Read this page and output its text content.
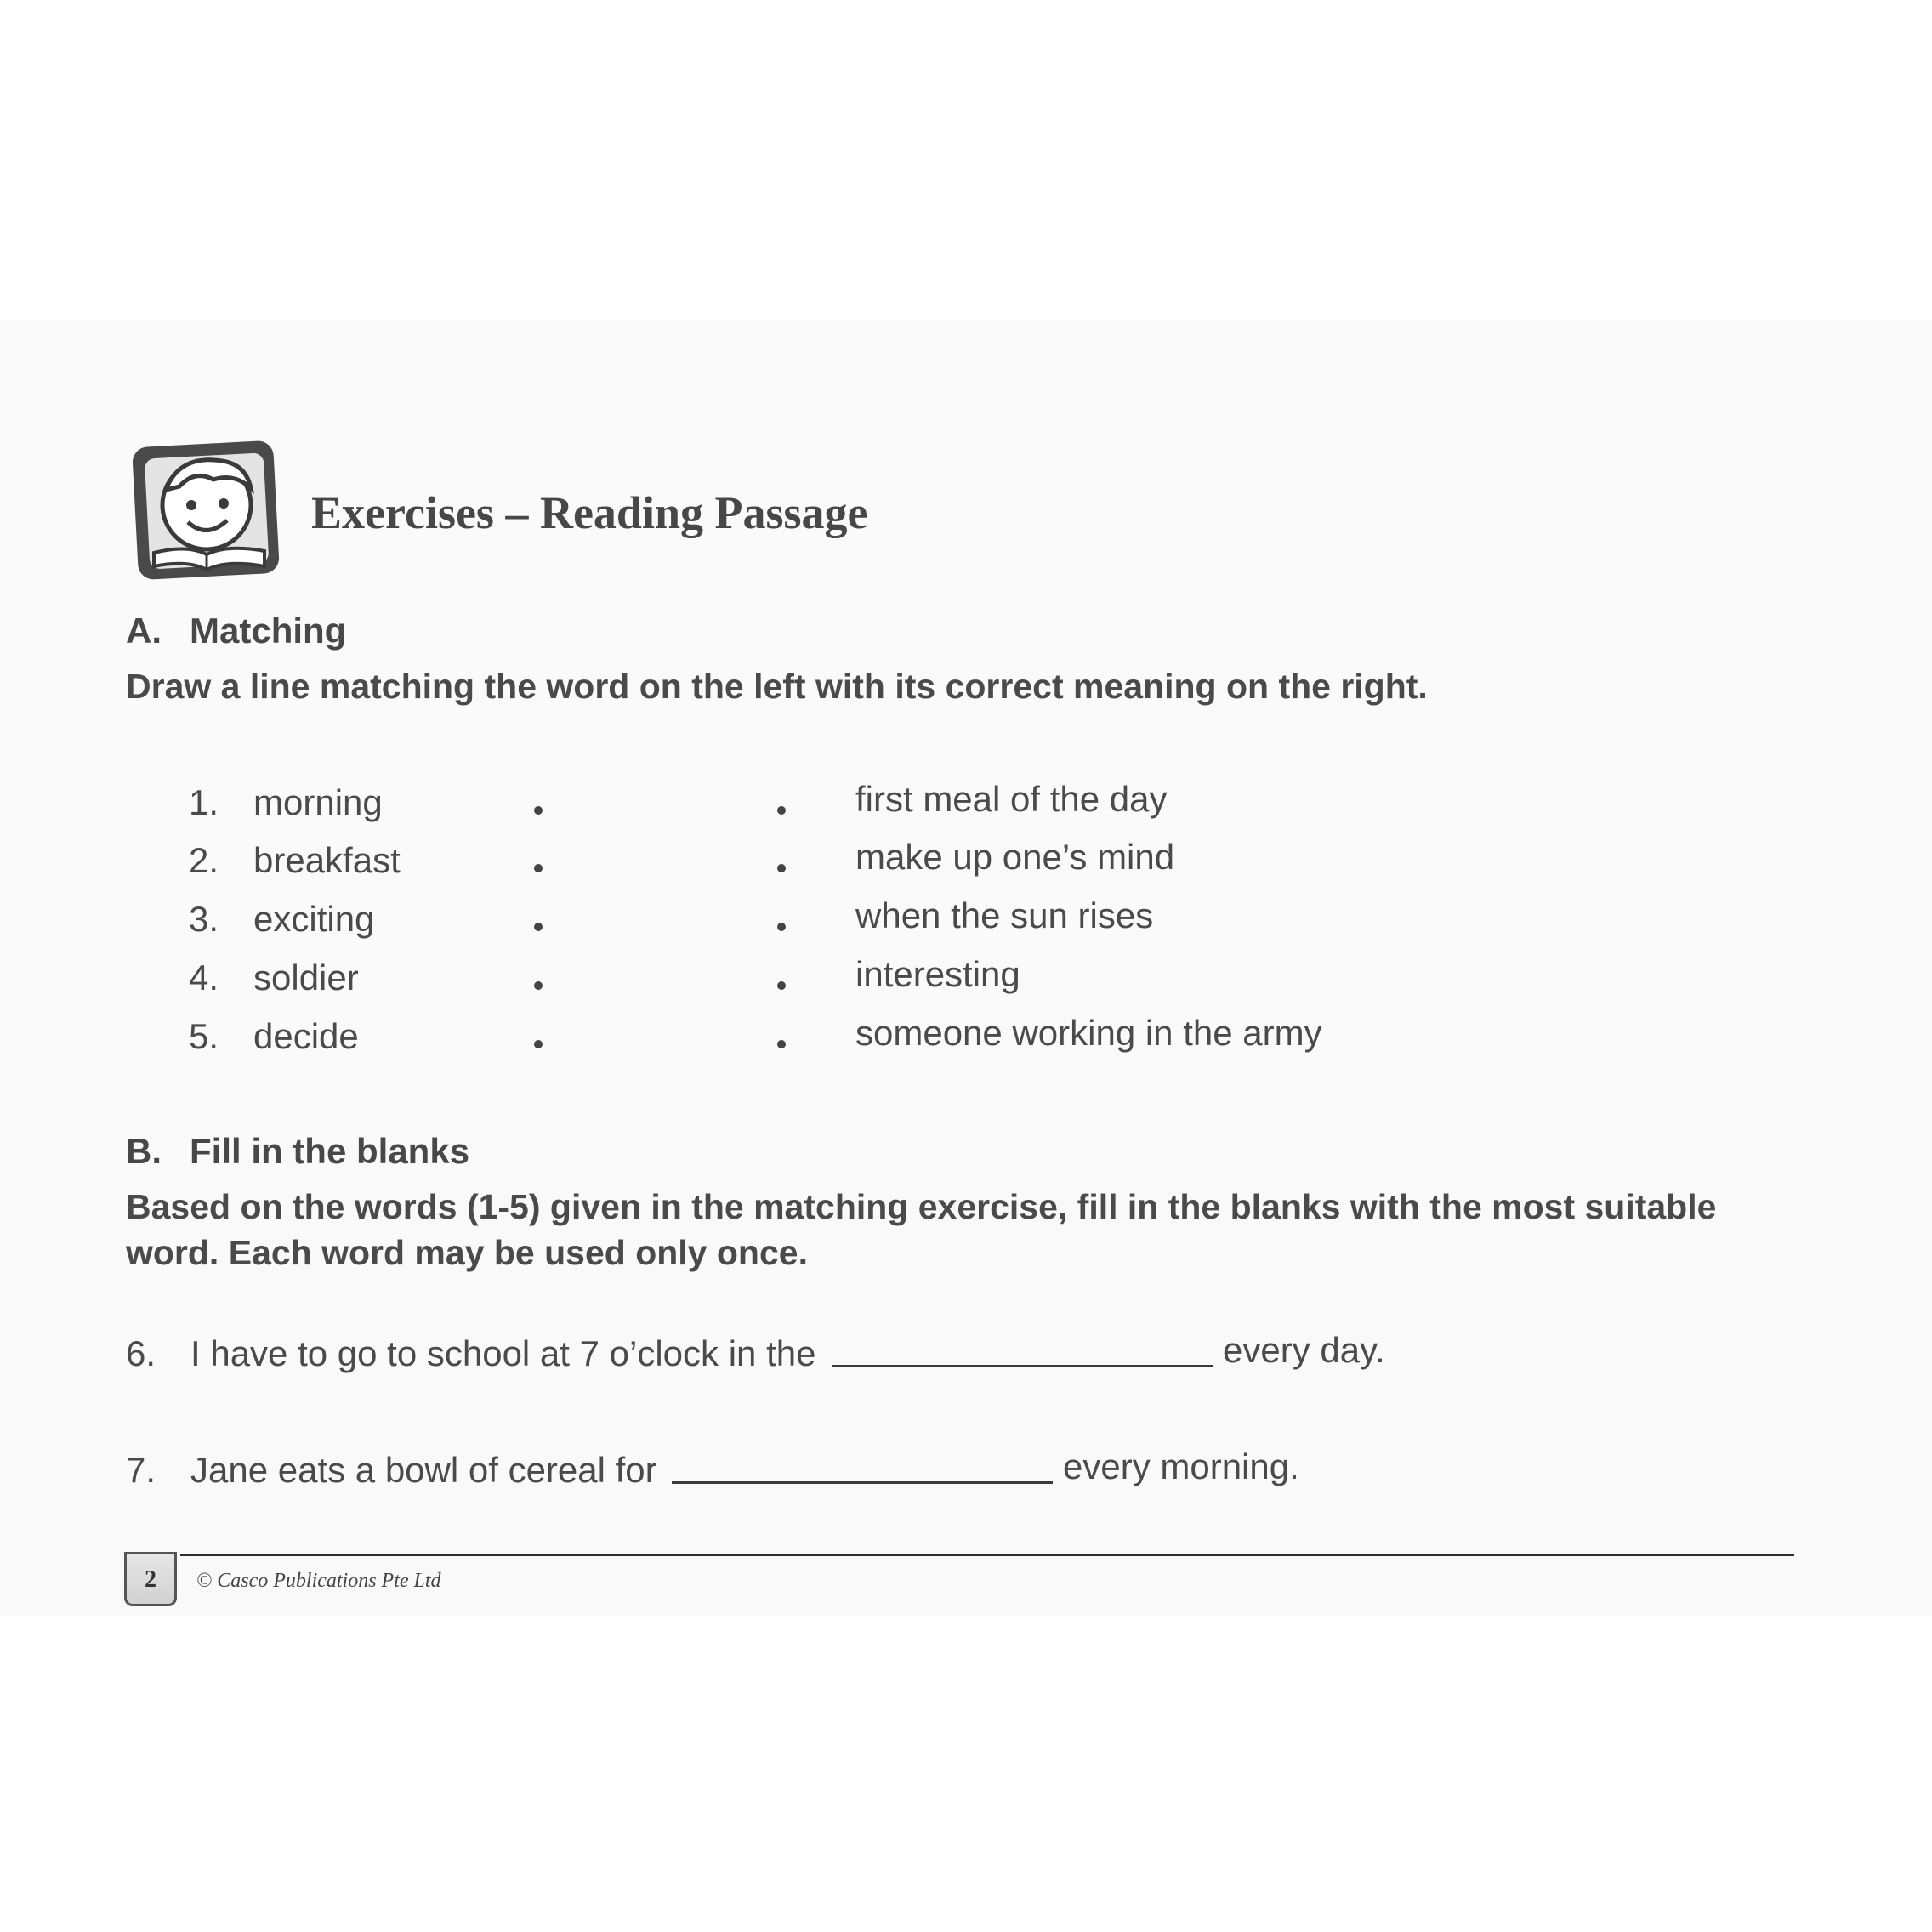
Exercises – Reading Passage
A. Matching
Draw a line matching the word on the left with its correct meaning on the right.
1. morning	first meal of the day
2. breakfast	make up one’s mind
3. exciting	when the sun rises
4. soldier	interesting
5. decide	someone working in the army
B. Fill in the blanks
Based on the words (1-5) given in the matching exercise, fill in the blanks with the most suitable
word. Each word may be used only once.
6. I have to go to school at 7 o’clock in the	every day.
7. Jane eats a bowl of cereal for	every morning.
2	© Casco Publications Pte Ltd
